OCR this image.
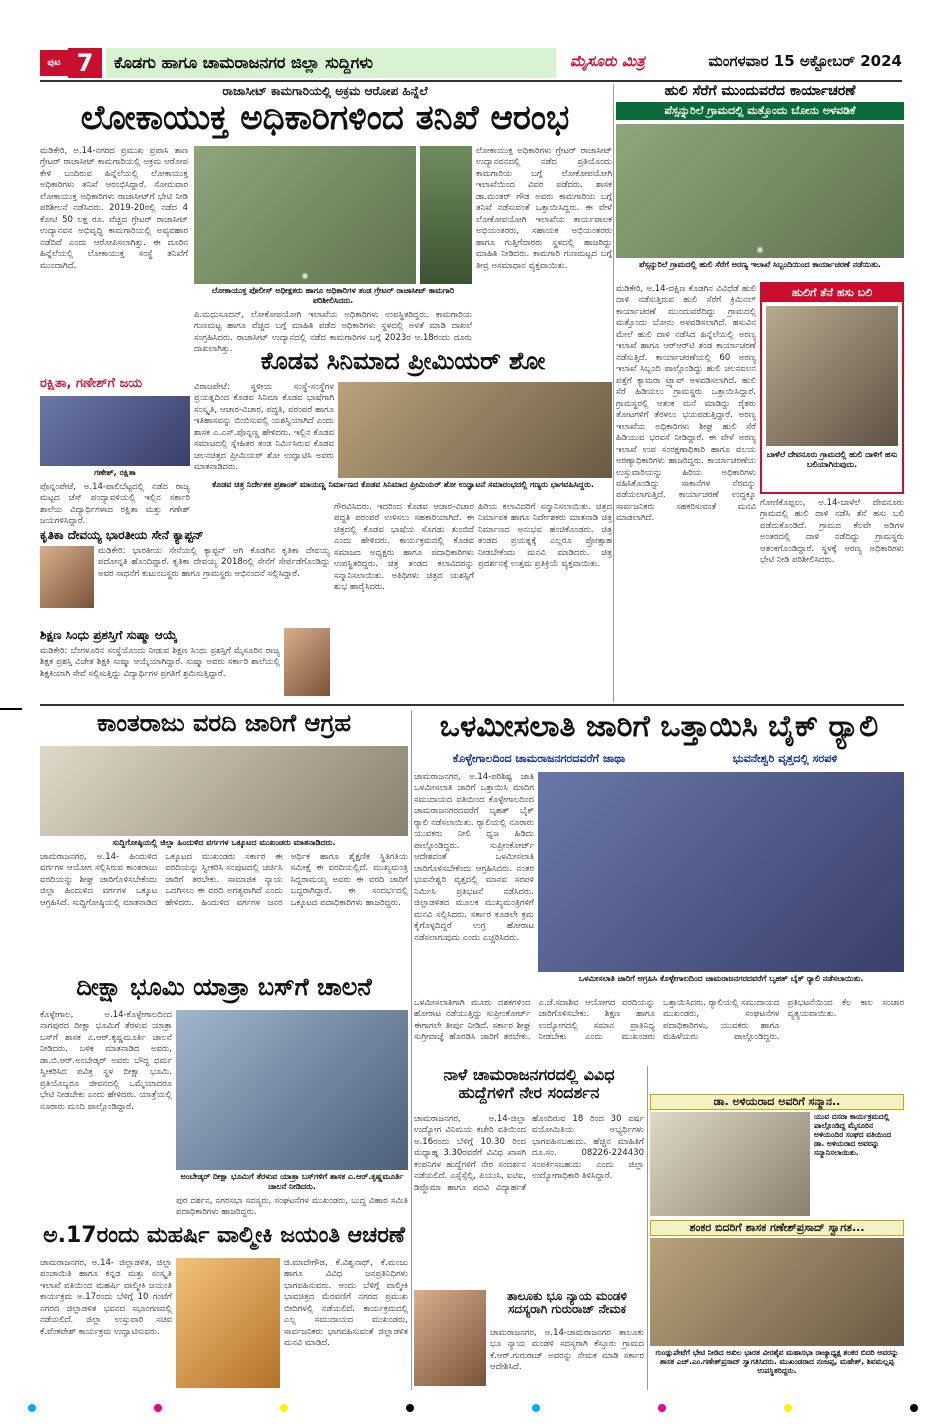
ಪುಟ 7	ಕೊಡಗು ಹಾಗೂ ಚಾಮರಾಜನಗರ ಜಿಲ್ಲಾ ಸುದ್ದಿಗಳು	ಮೈಸೂರು ಮಿತ್ರ	ಮಂಗಳವಾರ 15 ಅಕ್ಟೋಬರ್ 2024
ರಾಜಾಸೀಟ್ ಕಾಮಗಾರಿಯಲ್ಲಿ ಅಕ್ರಮ ಆರೋಪ ಹಿನ್ನೆಲೆ
ಲೋಕಾಯುಕ್ತ ಅಧಿಕಾರಿಗಳಿಂದ ತನಿಖೆ ಆರಂಭ
ಮಡಿಕೇರಿ, ಅ.14-ನಗರದ ಪ್ರಮುಖ ಪ್ರವಾಸಿ ತಾಣ ಗ್ರೇಟರ್ ರಾಜಾಸೀಟ್ ಕಾಮಗಾರಿಯಲ್ಲಿ ಅಕ್ರಮ ಆರೋಪ ಕೇಳಿ ಬಂದಿರುವ ಹಿನ್ನೆಲೆಯಲ್ಲಿ ಲೋಕಾಯುಕ್ತ ಅಧಿಕಾರಿಗಳು ತನಿಖೆ ಆರಂಭಿಸಿದ್ದಾರೆ. ಸೋಮವಾರ ಲೋಕಾಯುಕ್ತ ಅಧಿಕಾರಿಗಳು ರಾಜಾಸೀಟ್‌ಗೆ ಭೇಟಿ ನೀಡಿ ಪರಿಶೀಲನೆ ನಡೆಸಿದರು. 2019-20ರಲ್ಲಿ ನಡೆದ 4 ಕೋಟಿ 50 ಲಕ್ಷ ರೂ. ವೆಚ್ಚದ ಗ್ರೇಟರ್ ರಾಜಾಸೀಟ್ ಉದ್ಯಾನವನ ಅಭಿವೃದ್ಧಿ ಕಾಮಗಾರಿಯಲ್ಲಿ ಅವ್ಯವಹಾರ ನಡೆದಿದೆ ಎಂದು ಆರೋಪಿಸಲಾಗಿತ್ತು. ಈ ದೂರಿನ ಹಿನ್ನೆಲೆಯಲ್ಲಿ ಲೋಕಾಯುಕ್ತ ಸಂಸ್ಥೆ ತನಿಖೆಗೆ ಮುಂದಾಗಿದೆ.
◉
ಲೋಕಾಯುಕ್ತ ಪೊಲೀಸ್ ಅಧೀಕ್ಷಕರು ಹಾಗೂ ಅಧಿಕಾರಿಗಳ ತಂಡ ಗ್ರೇಟರ್ ರಾಜಾಸೀಟ್ ಕಾಮಗಾರಿ ಪರಿಶೀಲಿಸಿದರು.
ಪಿ.ಮಧುಸೂದನ್, ಲೋಕೋಪಯೋಗಿ ಇಲಾಖೆಯ ಅಧಿಕಾರಿಗಳು ಉಪಸ್ಥಿತರಿದ್ದರು. ಕಾಮಗಾರಿಯ ಗುಣಮಟ್ಟ ಹಾಗೂ ವೆಚ್ಚದ ಬಗ್ಗೆ ಮಾಹಿತಿ ಪಡೆದ ಅಧಿಕಾರಿಗಳು ಸ್ಥಳದಲ್ಲಿ ಅಳತೆ ಮಾಡಿ ದಾಖಲೆ ಸಂಗ್ರಹಿಸಿದರು. ರಾಜಾಸೀಟ್ ಉದ್ಯಾನದಲ್ಲಿ ನಡೆದ ಕಾಮಗಾರಿಗಳ ಬಗ್ಗೆ 2023ರ ಆ.18ರಂದು ದೂರು ದಾಖಲಾಗಿತ್ತು.
ಲೋಕಾಯುಕ್ತ ಅಧಿಕಾರಿಗಳು ಗ್ರೇಟರ್ ರಾಜಾಸೀಟ್ ಉದ್ಯಾನವನದಲ್ಲಿ ನಡೆದ ಪ್ರತಿಯೊಂದು ಕಾಮಗಾರಿಯ ಬಗ್ಗೆ ಲೋಕೋಪಯೋಗಿ ಇಲಾಖೆಯಿಂದ ವಿವರ ಪಡೆದರು. ಶಾಸಕ ಡಾ.ಮಂತರ್ ಗೌಡ ಅವರು ಕಾಮಗಾರಿಯ ಬಗ್ಗೆ ತನಿಖೆ ನಡೆಸುವಂತೆ ಒತ್ತಾಯಿಸಿದ್ದರು. ಈ ವೇಳೆ ಲೋಕೋಪಯೋಗಿ ಇಲಾಖೆಯ ಕಾರ್ಯಪಾಲಕ ಅಭಿಯಂತರರು, ಸಹಾಯಕ ಅಭಿಯಂತರರು ಹಾಗೂ ಗುತ್ತಿಗೆದಾರರು ಸ್ಥಳದಲ್ಲಿ ಹಾಜರಿದ್ದು ಮಾಹಿತಿ ನೀಡಿದರು. ಕಾಮಗಾರಿ ಗುಣಮಟ್ಟದ ಬಗ್ಗೆ ತೀವ್ರ ಅಸಮಾಧಾನ ವ್ಯಕ್ತವಾಯಿತು.
ಹುಲಿ ಸೆರೆಗೆ ಮುಂದುವರೆದ ಕಾರ್ಯಾಚರಣೆ
ಪೆಸ್ಸನ್ನುರಿಲೆ ಗ್ರಾಮದಲ್ಲಿ ಮತ್ತೊಂದು ಬೋನು ಅಳವಡಿಕೆ
◉
ಪೆಸ್ಸನ್ನುರಿಲೆ ಗ್ರಾಮದಲ್ಲಿ ಹುಲಿ ಸೆರೆಗೆ ಅರಣ್ಯ ಇಲಾಖೆ ಸಿಬ್ಬಂದಿಯಿಂದ ಕಾರ್ಯಾಚರಣೆ ನಡೆಯಿತು.
ಮಡಿಕೇರಿ, ಅ.14-ದಕ್ಷಿಣ ಕೊಡಗಿನ ವಿವಿಧೆಡೆ ಹುಲಿ ದಾಳಿ ನಡೆಸುತ್ತಿರುವ ಹುಲಿ ಸೆರೆಗೆ ಕ್ರಿಮಿನಲ್ ಕಾರ್ಯಾಚರಣೆ ಮುಂದುವರೆದಿದ್ದು ಗ್ರಾಮದಲ್ಲಿ ಮತ್ತೊಂದು ಬೋನು ಅಳವಡಿಸಲಾಗಿದೆ. ಹಸುವಿನ ಮೇಲೆ ಹುಲಿ ದಾಳಿ ನಡೆಸಿದ ಹಿನ್ನೆಲೆಯಲ್ಲಿ ಅರಣ್ಯ ಇಲಾಖೆ ಹಾಗೂ ಆರ್‌ಆರ್‌ಟಿ ತಂಡ ಕಾರ್ಯಾಚರಣೆ ನಡೆಸುತ್ತಿದೆ. ಕಾರ್ಯಾಚರಣೆಯಲ್ಲಿ 60 ಅರಣ್ಯ ಇಲಾಖೆ ಸಿಬ್ಬಂದಿ ಪಾಲ್ಗೊಂಡಿದ್ದು ಹುಲಿ ಚಲನವಲನ ಪತ್ತೆಗೆ ಕ್ಯಾಮರಾ ಟ್ರ್ಯಾಪ್ ಅಳವಡಿಸಲಾಗಿದೆ. ಹುಲಿ ಸೆರೆ ಹಿಡಿಯಲು ಗ್ರಾಮಸ್ಥರು ಒತ್ತಾಯಿಸಿದ್ದಾರೆ. ಗ್ರಾಮಸ್ಥರಲ್ಲಿ ಆತಂಕ ಮನೆ ಮಾಡಿದ್ದು ರೈತರು ತೋಟಗಳಿಗೆ ತೆರಳಲು ಭಯಪಡುತ್ತಿದ್ದಾರೆ. ಅರಣ್ಯ ಇಲಾಖೆಯ ಅಧಿಕಾರಿಗಳು ಶೀಘ್ರ ಹುಲಿ ಸೆರೆ ಹಿಡಿಯುವ ಭರವಸೆ ನೀಡಿದ್ದಾರೆ. ಈ ವೇಳೆ ಅರಣ್ಯ ಇಲಾಖೆ ಉಪ ಸಂರಕ್ಷಣಾಧಿಕಾರಿ ಹಾಗೂ ವಲಯ ಅರಣ್ಯಾಧಿಕಾರಿಗಳು ಹಾಜರಿದ್ದರು. ಕಾರ್ಯಾಚರಣೆಯ ಉಸ್ತುವಾರಿಯನ್ನು ಹಿರಿಯ ಅಧಿಕಾರಿಗಳು ವಹಿಸಿಕೊಂಡಿದ್ದು ಸಾಕಾನೆಗಳ ನೆರವನ್ನು ಪಡೆಯಲಾಗುತ್ತಿದೆ. ಕಾರ್ಯಾಚರಣೆ ಉದ್ದಕ್ಕೂ ಸಾರ್ವಜನಿಕರು ಸಹಕರಿಸುವಂತೆ ಮನವಿ ಮಾಡಲಾಗಿದೆ.
ಹುಲಿಗೆ ತೆನೆ ಹಸು ಬಲಿ
ಬಾಳೆಲೆ ದೇವನೂರು ಗ್ರಾಮದಲ್ಲಿ ಹುಲಿ ದಾಳಿಗೆ ಹಸು ಬಲಿಯಾಗಿರುವುದು.
ಗೋಣಿಕೊಪ್ಪಲು, ಅ.14-ಬಾಳೆಲೆ ದೇವನೂರು ಗ್ರಾಮದಲ್ಲಿ ಹುಲಿ ದಾಳಿ ನಡೆಸಿ ತೆನೆ ಹಸು ಬಲಿ ಪಡೆದುಕೊಂಡಿದೆ. ಗ್ರಾಮದ ಕೆಲವೇ ಅಡಿಗಳ ಅಂತರದಲ್ಲಿ ದಾಳಿ ನಡೆದಿದ್ದು ಗ್ರಾಮಸ್ಥರು ಆತಂಕಗೊಂಡಿದ್ದಾರೆ. ಸ್ಥಳಕ್ಕೆ ಅರಣ್ಯ ಅಧಿಕಾರಿಗಳು ಭೇಟಿ ನೀಡಿ ಪರಿಶೀಲಿಸಿದರು.
ರಕ್ಷಿತಾ, ಗಣೇಶ್‌ಗೆ ಜಯ
ಗಣೇಶ್, ರಕ್ಷಿತಾ
ಪೊನ್ನಂಪೇಟೆ, ಅ.14-ಪಾಲಿಬೆಟ್ಟದಲ್ಲಿ ನಡೆದ ರಾಜ್ಯ ಮಟ್ಟದ ಚೆಸ್ ಪಂದ್ಯಾವಳಿಯಲ್ಲಿ ಇಲ್ಲಿನ ಸರ್ಕಾರಿ ಶಾಲೆಯ ವಿದ್ಯಾರ್ಥಿಗಳಾದ ರಕ್ಷಿತಾ ಮತ್ತು ಗಣೇಶ್ ಜಯಗಳಿಸಿದ್ದಾರೆ.
ಕೊಡವ ಸಿನಿಮಾದ ಪ್ರೀಮಿಯರ್ ಶೋ
ವಿರಾಜಪೇಟೆ: ಸ್ಥಳೀಯ ಸಂಸ್ಥೆ-ಸಂಸ್ಥೆಗಳ ಪ್ರಯತ್ನದಿಂದ ಕೊಡವ ಸಿನಿಮಾ ಕೊಡವ ಭಾಷೆಗಾಗಿ ಸಂಸ್ಕೃತಿ, ಆಚಾರ-ವಿಚಾರ, ಪದ್ಧತಿ, ಪರಂಪರೆ ಹಾಗೂ ಇತಿಹಾಸವನ್ನು ಬಿಂಬಿಸುವಲ್ಲಿ ಯಶಸ್ವಿಯಾಗಿದೆ ಎಂದು ಶಾಸಕ ಎ.ಎಸ್.ಪೊನ್ನಣ್ಣ ಹೇಳಿದರು. ಇಲ್ಲಿನ ಕೊಡವ ಸಮಾಜದಲ್ಲಿ ಸ್ನೇಹಿತರ ತಂಡ ನಿರ್ಮಿಸಿರುವ ಕೊಡವ ಚಲನಚಿತ್ರದ ಪ್ರೀಮಿಯರ್ ಶೋ ಉದ್ಘಾಟಿಸಿ ಅವರು ಮಾತನಾಡಿದರು.
ಕೊಡವ ಚಿತ್ರ ನಿರ್ದೇಶಕ ಪ್ರಶಾಂತ್ ಮಾಯಣ್ಣ ನಿರ್ಮಾಣದ ಕೊಡವ ಸಿನಿಮಾದ ಪ್ರೀಮಿಯರ್ ಶೋ ಉದ್ಘಾಟನೆ ಸಮಾರಂಭದಲ್ಲಿ ಗಣ್ಯರು ಭಾಗವಹಿಸಿದ್ದರು.
ಗೌರವಿಸಿದರು. ಇದರಿಂದ ಕೊಡವ ಆಚಾರ-ವಿಚಾರ ಪದ್ಧತಿ ಪರಂಪರೆ ಉಳಿಸಲು ಸಹಕಾರಿಯಾಗಿದೆ. ಈ ಚಿತ್ರದಲ್ಲಿ ಕೊಡವ ಭಾಷೆಯ ಸೊಗಡು ತುಂಬಿದೆ ಎಂದು ಹೇಳಿದರು. ಕಾರ್ಯಕ್ರಮದಲ್ಲಿ ಕೊಡವ ಸಮಾಜದ ಅಧ್ಯಕ್ಷರು ಹಾಗೂ ಪದಾಧಿಕಾರಿಗಳು ಉಪಸ್ಥಿತರಿದ್ದರು. ಚಿತ್ರ ತಂಡದ ಕಲಾವಿದರನ್ನು ಸನ್ಮಾನಿಸಲಾಯಿತು. ಅತಿಥಿಗಳು ಚಿತ್ರದ ಯಶಸ್ಸಿಗೆ ಶುಭ ಹಾರೈಸಿದರು.
ಹಿರಿಯ ಕಲಾವಿದರಿಗೆ ಸನ್ಮಾನಿಸಲಾಯಿತು. ಚಿತ್ರದ ನಿರ್ಮಾಪಕ ಹಾಗೂ ನಿರ್ದೇಶಕರು ಮಾತನಾಡಿ ಚಿತ್ರ ನಿರ್ಮಾಣದ ಅನುಭವ ಹಂಚಿಕೊಂಡರು. ಚಿತ್ರ ತಂಡದ ಪ್ರಯತ್ನಕ್ಕೆ ಎಲ್ಲರೂ ಪ್ರೋತ್ಸಾಹ ನೀಡಬೇಕೆಂದು ಮನವಿ ಮಾಡಿದರು. ಚಿತ್ರ ಪ್ರದರ್ಶನಕ್ಕೆ ಉತ್ತಮ ಪ್ರತಿಕ್ರಿಯೆ ವ್ಯಕ್ತವಾಯಿತು.
ಕೃತಿಕಾ ದೇವಯ್ಯ ಭಾರತೀಯ ಸೇನೆ ಕ್ಯಾಪ್ಟನ್
ಮಡಿಕೇರಿ: ಭಾರತೀಯ ಸೇನೆಯಲ್ಲಿ ಕ್ಯಾಪ್ಟನ್ ಆಗಿ ಕೊಡಗಿನ ಕೃತಿಕಾ ದೇವಯ್ಯ ಪದೋನ್ನತಿ ಹೊಂದಿದ್ದಾರೆ. ಕೃತಿಕಾ ದೇವಯ್ಯ 2018ರಲ್ಲಿ ಸೇನೆಗೆ ಸೇರ್ಪಡೆಗೊಂಡಿದ್ದು ಅವರ ಸಾಧನೆಗೆ ಕುಟುಂಬಸ್ಥರು ಹಾಗೂ ಗ್ರಾಮಸ್ಥರು ಅಭಿನಂದನೆ ಸಲ್ಲಿಸಿದ್ದಾರೆ.
ಶಿಕ್ಷಣ ಸಿಂಧು ಪ್ರಶಸ್ತಿಗೆ ಸುಷ್ಮಾ ಆಯ್ಕೆ
ಮಡಿಕೇರಿ: ಬೆಂಗಳೂರಿನ ಸಂಸ್ಥೆಯೊಂದು ನೀಡುವ ಶಿಕ್ಷಣ ಸಿಂಧು ಪ್ರಶಸ್ತಿಗೆ ಮೈಸೂರಿನ ರಾಜ್ಯ ಶಿಕ್ಷಕ ಪ್ರಶಸ್ತಿ ವಿಜೇತ ಶಿಕ್ಷಕಿ ಸುಷ್ಮಾ ಆಯ್ಕೆಯಾಗಿದ್ದಾರೆ. ಸುಷ್ಮಾ ಅವರು ಸರ್ಕಾರಿ ಶಾಲೆಯಲ್ಲಿ ಶಿಕ್ಷಕಿಯಾಗಿ ಸೇವೆ ಸಲ್ಲಿಸುತ್ತಿದ್ದು ವಿದ್ಯಾರ್ಥಿಗಳ ಪ್ರಗತಿಗೆ ಶ್ರಮಿಸುತ್ತಿದ್ದಾರೆ.
ಕಾಂತರಾಜು ವರದಿ ಜಾರಿಗೆ ಆಗ್ರಹ
ಸುದ್ದಿಗೋಷ್ಠಿಯಲ್ಲಿ ಜಿಲ್ಲಾ ಹಿಂದುಳಿದ ವರ್ಗಗಳ ಒಕ್ಕೂಟದ ಮುಖಂಡರು ಮಾತನಾಡಿದರು.
ಚಾಮರಾಜನಗರ, ಅ.14- ಹಿಂದುಳಿದ ವರ್ಗಗಳ ಆಯೋಗ ಸಲ್ಲಿಸಿರುವ ಕಾಂತರಾಜು ವರದಿಯನ್ನು ಶೀಘ್ರ ಜಾರಿಗೊಳಿಸಬೇಕೆಂದು ಜಿಲ್ಲಾ ಹಿಂದುಳಿದ ವರ್ಗಗಳ ಒಕ್ಕೂಟ ಆಗ್ರಹಿಸಿದೆ. ಸುದ್ದಿಗೋಷ್ಠಿಯಲ್ಲಿ ಮಾತನಾಡಿದ ಒಕ್ಕೂಟದ ಮುಖಂಡರು ಸರ್ಕಾರ ಈ ವರದಿಯನ್ನು ಸ್ವೀಕರಿಸಿ ಸಂಪುಟದಲ್ಲಿ ಚರ್ಚಿಸಿ ಜಾರಿಗೆ ತರಬೇಕು. ಸಾಮಾಜಿಕ ನ್ಯಾಯ ಒದಗಿಸಲು ಈ ವರದಿ ಅಗತ್ಯವಾಗಿದೆ ಎಂದು ಹೇಳಿದರು. ಹಿಂದುಳಿದ ವರ್ಗಗಳ ಜನರ ಆರ್ಥಿಕ ಹಾಗೂ ಶೈಕ್ಷಣಿಕ ಸ್ಥಿತಿಗತಿಯ ಸಮೀಕ್ಷೆ ಈ ವರದಿಯಲ್ಲಿದೆ. ಮುಖ್ಯಮಂತ್ರಿ ಸಿದ್ದರಾಮಯ್ಯ ಅವರು ಈ ವರದಿ ಜಾರಿಗೆ ಬದ್ಧರಾಗಿದ್ದಾರೆ. ಈ ಸಂದರ್ಭದಲ್ಲಿ ಒಕ್ಕೂಟದ ಪದಾಧಿಕಾರಿಗಳು ಹಾಜರಿದ್ದರು.
ಒಳಮೀಸಲಾತಿ ಜಾರಿಗೆ ಒತ್ತಾಯಿಸಿ ಬೈಕ್ ರ‍್ಯಾಲಿ
ಕೊಳ್ಳೇಗಾಲದಿಂದ ಚಾಮರಾಜನಗರದವರೆಗೆ ಜಾಥಾ	ಭುವನೇಶ್ವರಿ ವೃತ್ತದಲ್ಲಿ ಸರಪಳಿ
ಚಾಮರಾಜನಗರ, ಅ.14-ಪರಿಶಿಷ್ಟ ಜಾತಿ ಒಳಮೀಸಲಾತಿ ಜಾರಿಗೆ ಒತ್ತಾಯಿಸಿ ಮಾದಿಗ ಸಮುದಾಯದ ವತಿಯಿಂದ ಕೊಳ್ಳೇಗಾಲದಿಂದ ಚಾಮರಾಜನಗರದವರೆಗೆ ಬೃಹತ್ ಬೈಕ್ ರ‍್ಯಾಲಿ ನಡೆಸಲಾಯಿತು. ರ‍್ಯಾಲಿಯಲ್ಲಿ ನೂರಾರು ಯುವಕರು ನೀಲಿ ಧ್ವಜ ಹಿಡಿದು ಪಾಲ್ಗೊಂಡಿದ್ದರು. ಸುಪ್ರೀಂಕೋರ್ಟ್ ಆದೇಶದಂತೆ ಒಳಮೀಸಲಾತಿ ಜಾರಿಗೊಳಿಸಬೇಕೆಂದು ಆಗ್ರಹಿಸಿದರು. ನಂತರ ಭುವನೇಶ್ವರಿ ವೃತ್ತದಲ್ಲಿ ಮಾನವ ಸರಪಳಿ ನಿರ್ಮಿಸಿ ಪ್ರತಿಭಟನೆ ನಡೆಸಿದರು. ಜಿಲ್ಲಾಡಳಿತದ ಮೂಲಕ ಮುಖ್ಯಮಂತ್ರಿಗಳಿಗೆ ಮನವಿ ಸಲ್ಲಿಸಿದರು. ಸರ್ಕಾರ ಕೂಡಲೇ ಕ್ರಮ ಕೈಗೊಳ್ಳದಿದ್ದರೆ ಉಗ್ರ ಹೋರಾಟ ನಡೆಸಲಾಗುವುದು ಎಂದು ಎಚ್ಚರಿಸಿದರು.
ಒಳಮೀಸಲಾತಿ ಜಾರಿಗೆ ಆಗ್ರಹಿಸಿ ಕೊಳ್ಳೇಗಾಲದಿಂದ ಚಾಮರಾಜನಗರದವರೆಗೆ ಬೃಹತ್ ಬೈಕ್ ರ‍್ಯಾಲಿ ನಡೆಸಲಾಯಿತು.
ಒಳಮೀಸಲಾತಿಗಾಗಿ ಮೂರು ದಶಕಗಳಿಂದ ಹೋರಾಟ ನಡೆಯುತ್ತಿದ್ದು ಸುಪ್ರೀಂಕೋರ್ಟ್ ಈಗಾಗಲೇ ತೀರ್ಪು ನೀಡಿದೆ. ಸರ್ಕಾರ ಶೀಘ್ರ ಸುಗ್ರೀವಾಜ್ಞೆ ಹೊರಡಿಸಿ ಜಾರಿಗೆ ತರಬೇಕು. ಎ.ಜೆ.ಸದಾಶಿವ ಆಯೋಗದ ವರದಿಯನ್ನು ಜಾರಿಗೊಳಿಸಬೇಕು. ಶಿಕ್ಷಣ ಹಾಗೂ ಉದ್ಯೋಗದಲ್ಲಿ ಸಮಾನ ಪ್ರಾತಿನಿಧ್ಯ ನೀಡಬೇಕು ಎಂದು ಮುಖಂಡರು ಒತ್ತಾಯಿಸಿದರು. ರ‍್ಯಾಲಿಯಲ್ಲಿ ಸಮುದಾಯದ ಮುಖಂಡರು, ಸಂಘಟನೆಗಳ ಪದಾಧಿಕಾರಿಗಳು, ಯುವಕರು ಹಾಗೂ ಮಹಿಳೆಯರು ಪಾಲ್ಗೊಂಡಿದ್ದರು. ಪ್ರತಿಭಟನೆಯಿಂದ ಕೆಲ ಕಾಲ ಸಂಚಾರ ವ್ಯತ್ಯಯವಾಯಿತು.
ದೀಕ್ಷಾ ಭೂಮಿ ಯಾತ್ರಾ ಬಸ್‌ಗೆ ಚಾಲನೆ
ಕೊಳ್ಳೇಗಾಲ, ಅ.14-ಕೊಳ್ಳೇಗಾಲದಿಂದ ನಾಗಪುರದ ದೀಕ್ಷಾ ಭೂಮಿಗೆ ತೆರಳುವ ಯಾತ್ರಾ ಬಸ್‌ಗೆ ಶಾಸಕ ಎ.ಆರ್.ಕೃಷ್ಣಮೂರ್ತಿ ಚಾಲನೆ ನೀಡಿದರು. ಬಳಿಕ ಮಾತನಾಡಿದ ಅವರು, ಡಾ.ಬಿ.ಆರ್.ಅಂಬೇಡ್ಕರ್ ಅವರು ಬೌದ್ಧ ಧರ್ಮ ಸ್ವೀಕರಿಸಿದ ಪವಿತ್ರ ಸ್ಥಳ ದೀಕ್ಷಾ ಭೂಮಿ. ಪ್ರತಿಯೊಬ್ಬರೂ ಜೀವನದಲ್ಲಿ ಒಮ್ಮೆಯಾದರೂ ಭೇಟಿ ನೀಡಬೇಕು ಎಂದು ಹೇಳಿದರು. ಯಾತ್ರೆಯಲ್ಲಿ ನೂರಾರು ಮಂದಿ ಪಾಲ್ಗೊಂಡಿದ್ದಾರೆ.
ಅಂಬೇಡ್ಕರ್ ದೀಕ್ಷಾ ಭೂಮಿಗೆ ತೆರಳುವ ಯಾತ್ರಾ ಬಸ್‌ಗಳಿಗೆ ಶಾಸಕ ಎ.ಆರ್.ಕೃಷ್ಣಮೂರ್ತಿ ಚಾಲನೆ ನೀಡಿದರು.
ಪುರ ದರ್ಶನ, ನಗರಸಭಾ ಸದಸ್ಯರು, ಸಂಘಟನೆಗಳ ಮುಖಂಡರು, ಬುದ್ಧ ವಿಹಾರ ಸಮಿತಿ ಪದಾಧಿಕಾರಿಗಳು ಹಾಜರಿದ್ದರು.
ನಾಳೆ ಚಾಮರಾಜನಗರದಲ್ಲಿ ವಿವಿಧ ಹುದ್ದೆಗಳಿಗೆ ನೇರ ಸಂದರ್ಶನ
ಚಾಮರಾಜನಗರ, ಅ.14-ಜಿಲ್ಲಾ ಉದ್ಯೋಗ ವಿನಿಮಯ ಕಚೇರಿ ವತಿಯಿಂದ ಅ.16ರಂದು ಬೆಳಿಗ್ಗೆ 10.30 ರಿಂದ ಮಧ್ಯಾಹ್ನ 3.30ರವರೆಗೆ ವಿವಿಧ ಖಾಸಗಿ ಕಂಪನಿಗಳ ಹುದ್ದೆಗಳಿಗೆ ನೇರ ಸಂದರ್ಶನ ನಡೆಯಲಿದೆ. ಎಸ್ಸೆಸ್ಸೆಲ್ಸಿ, ಪಿಯುಸಿ, ಐಟಿಐ, ಡಿಪ್ಲೊಮಾ ಹಾಗೂ ಪದವಿ ವಿದ್ಯಾರ್ಹತೆ ಹೊಂದಿರುವ 18 ರಿಂದ 30 ವರ್ಷ ವಯೋಮಿತಿಯ ಅಭ್ಯರ್ಥಿಗಳು ಭಾಗವಹಿಸಬಹುದು. ಹೆಚ್ಚಿನ ಮಾಹಿತಿಗೆ ದೂ.ಸಂ. 08226-224430 ಸಂಪರ್ಕಿಸಬಹುದು ಎಂದು ಜಿಲ್ಲಾ ಉದ್ಯೋಗಾಧಿಕಾರಿ ತಿಳಿಸಿದ್ದಾರೆ.
ತಾಲೂಕು ಭೂ ನ್ಯಾಯ ಮಂಡಳಿ ಸದಸ್ಯರಾಗಿ ಗುರುರಾಜ್ ನೇಮಕ
ಚಾಮರಾಜನಗರ, ಅ.14-ಚಾಮರಾಜನಗರ ತಾಲೂಕು ಭೂ ನ್ಯಾಯ ಮಂಡಳಿ ಸದಸ್ಯರಾಗಿ ಕೆಸ್ತೂರು ಗ್ರಾಮದ ಕೆ.ಆರ್.ಗುರುರಾಜ್ ಅವರನ್ನು ನೇಮಕ ಮಾಡಿ ಸರ್ಕಾರ ಆದೇಶಿಸಿದೆ.
ಅ.17ರಂದು ಮಹರ್ಷಿ ವಾಲ್ಮೀಕಿ ಜಯಂತಿ ಆಚರಣೆ
ಚಾಮರಾಜನಗರ, ಅ.14- ಜಿಲ್ಲಾಡಳಿತ, ಜಿಲ್ಲಾ ಪಂಚಾಯಿತಿ ಹಾಗೂ ಕನ್ನಡ ಮತ್ತು ಸಂಸ್ಕೃತಿ ಇಲಾಖೆ ವತಿಯಿಂದ ಮಹರ್ಷಿ ವಾಲ್ಮೀಕಿ ಜಯಂತಿ ಕಾರ್ಯಕ್ರಮ ಅ.17ರಂದು ಬೆಳಿಗ್ಗೆ 10 ಗಂಟೆಗೆ ನಗರದ ಜಿಲ್ಲಾಡಳಿತ ಭವನದ ಸಭಾಂಗಣದಲ್ಲಿ ನಡೆಯಲಿದೆ. ಜಿಲ್ಲಾ ಉಸ್ತುವಾರಿ ಸಚಿವ ಕೆ.ವೆಂಕಟೇಶ್ ಕಾರ್ಯಕ್ರಮ ಉದ್ಘಾಟಿಸುವರು.
ಜಿ.ಮಾದೇಗೌಡ, ಕೆ.ವಿಶ್ವನಾಥ್, ಕೆ.ಮಂಜು ಹಾಗೂ ವಿವಿಧ ಜನಪ್ರತಿನಿಧಿಗಳು ಭಾಗವಹಿಸುವರು. ಅಂದು ಬೆಳಿಗ್ಗೆ ವಾಲ್ಮೀಕಿ ಭಾವಚಿತ್ರದ ಮೆರವಣಿಗೆ ನಗರದ ಪ್ರಮುಖ ಬೀದಿಗಳಲ್ಲಿ ನಡೆಯಲಿದೆ. ಕಾರ್ಯಕ್ರಮದಲ್ಲಿ ಎಲ್ಲ ಸಮುದಾಯದ ಮುಖಂಡರು, ಸಾರ್ವಜನಿಕರು ಭಾಗವಹಿಸುವಂತೆ ಜಿಲ್ಲಾಡಳಿತ ಮನವಿ ಮಾಡಿದೆ.
ಡಾ. ಅಳಿಯರಾದ ಅವರಿಗೆ ಸನ್ಮಾನ..
ಯುವ ದಸರಾ ಕಾರ್ಯಕ್ರಮದಲ್ಲಿ ಪಾಲ್ಗೊಂಡಿದ್ದ ಮೈಸೂರಿನ ಅಳಿಯಂದಿರ ಸಂಘದ ವತಿಯಿಂದ ಡಾ. ಅಳಿಯರಾದ ಅವರನ್ನು ಸನ್ಮಾನಿಸಲಾಯಿತು.
ಶಂಕರ ಬಿದರಿಗೆ ಶಾಸಕ ಗಣೇಶ್‌ಪ್ರಸಾದ್ ಸ್ವಾಗತ...
ಗುಂಡ್ಲುಪೇಟೆಗೆ ಭೇಟಿ ನೀಡಿದ ಅಖಿಲ ಭಾರತ ವೀರಶೈವ ಮಹಾಸಭಾ ರಾಜ್ಯಾಧ್ಯಕ್ಷ ಶಂಕರ ಬಿದರಿ ಅವರನ್ನು ಶಾಸಕ ಎಚ್.ಎಂ.ಗಣೇಶ್‌ಪ್ರಸಾದ್ ಸ್ವಾಗತಿಸಿದರು. ಮುಖಂಡರಾದ ನಂಜಪ್ಪ, ಮಹೇಶ್, ಶಿವಮಲ್ಲಪ್ಪ ಉಪಸ್ಥಿತರಿದ್ದರು.
